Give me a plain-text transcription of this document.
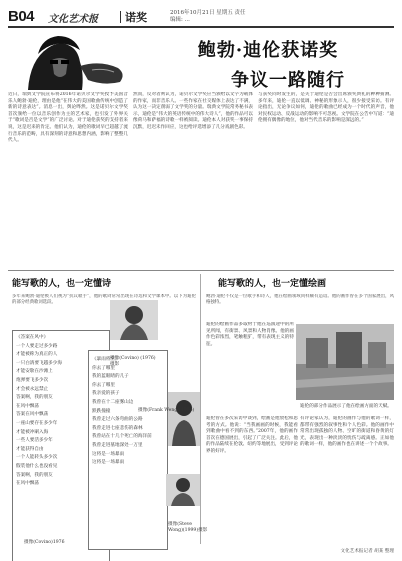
B04 文化艺术报 诺奖	2016年10月21日 星期五 责任编辑: ...
鲍勃·迪伦获诺奖
争议一路随行
近日，瑞典文学院宣布将2016年诺贝尔文学奖授予美国音乐人鲍勃·迪伦，理由是他“在伟大的美国歌曲传统中创造了新的诗意表达”。消息一出，舆论哗然。这是诺贝尔文学奖首次颁给一位以音乐创作为主的艺术家，也引发了外界关于“歌词是否是文学”的广泛讨论。对于迪伦获奖的支持者来说，这是迟来的肯定。他们认为，迪伦的歌词早已超越了流行音乐的范畴，具有深刻的诗意和思想内涵，影响了整整几代人。
然而，反对者则认为，诺贝尔文学奖应当颁给以文字为载体的作家，而非音乐人。一些作家在社交媒体上表达了不满，认为这一决定削弱了文学奖的分量。瑞典文学院常务秘书表示，迪伦是“伟大的英语传统中的伟大诗人”，他的作品可以像荷马和萨福的诗歌一样被阅读。迪伦本人对获奖一事保持沉默，迟迟未作回应，这也给评选增添了几分戏剧色彩。
与获奖同时发生的，是关于迪伦是否会出席颁奖典礼的种种猜测。多年来，迪伦一直以低调、神秘的形象示人，很少接受采访。有评论指出，无论争议如何，迪伦的歌曲已经成为一个时代的声音，他对民权运动、反战运动的影响不可忽视。文学院在公告中写道：“迪伦拥有偶像的地位，他对当代音乐的影响是深远的。”
能写歌的人，也一定懂诗	能写歌的人，也一定懂绘画
多年来鲍勃·迪伦被人们视为“抗议歌手”，他的歌词常常出现在诗选和文学课本中。以下为迪伦的部分经典歌词选段。
鲍勃·迪伦不仅是一位歌手和诗人，他在绘画领域同样颇有造诣。他的画作曾在多个国家展出，风格独特。
《答案在风中》
一个人要走过多少路
才能被称为真正的人
一只白鸽要飞越多少海
才能安歇在沙滩上
炮弹要飞多少次
才会被永远禁止
答案啊，我的朋友
在风中飘荡
答案在风中飘荡
一座山要存在多少年
才能被冲刷入海
一些人要活多少年
才能获得自由
一个人能转头多少次
假装他什么也没看见
答案啊，我的朋友
在风中飘荡
《暴雨将至》
你去了哪里
我的蓝眼睛的儿子
你去了哪里
我亲爱的孩子
我曾在十二座雾山边
跌跌撞撞
我曾走过六条弯曲的公路
我曾走进七座悲伤的森林
我曾站在十几个死亡的海洋前
我曾走进墓地深处一万里
这将是一场暴雨
这将是一场暴雨
摄像(Covino) (1976)摄影
摄像(Frank Weng)(1996)
摄像(Steve Wong)(1999)摄影
摄像(Covino)1976
迪伦的绘画作品多取材于他在巡演途中的所见所闻，有街景、风景和人物肖像。他的画作色彩浓烈，笔触粗犷，带有表现主义的特征。
迪伦的部分作品展示了他在绘画方面的天赋。
迪伦曾在多次采访中谈到，绘画是他放松和思考的方式。他说：“当我画画的时候，我能看到歌曲中看不到的东西。”2007年，他的画作首次在德国展出，引起了广泛关注。此后，他的作品陆续在伦敦、纽约等地展出，受到评论界的好评。
有评论家认为，迪伦的画作与他的歌词一样，都带有强烈的叙事性和个人色彩。他的画作中常常出现孤独的人物、空旷的街道和昏黄的灯光，表现出一种淡淡的忧伤与疏离感。正如他的歌词一样，他的画作也在讲述一个个故事。
文化艺术报记者 胡某 整理
